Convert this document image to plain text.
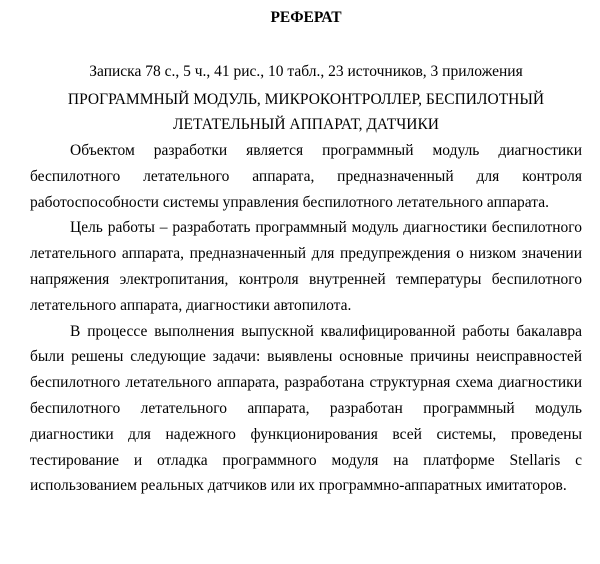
РЕФЕРАТ
Записка 78 с., 5 ч., 41 рис., 10 табл., 23 источников, 3 приложения
ПРОГРАММНЫЙ МОДУЛЬ, МИКРОКОНТРОЛЛЕР, БЕСПИЛОТНЫЙ ЛЕТАТЕЛЬНЫЙ АППАРАТ, ДАТЧИКИ

Объектом разработки является программный модуль диагностики беспилотного летательного аппарата, предназначенный для контроля работоспособности системы управления беспилотного летательного аппарата.

Цель работы – разработать программный модуль диагностики беспилотного летательного аппарата, предназначенный для предупреждения о низком значении напряжения электропитания, контроля внутренней температуры беспилотного летательного аппарата, диагностики автопилота.

В процессе выполнения выпускной квалифицированной работы бакалавра были решены следующие задачи: выявлены основные причины неисправностей беспилотного летательного аппарата, разработана структурная схема диагностики беспилотного летательного аппарата, разработан программный модуль диагностики для надежного функционирования всей системы, проведены тестирование и отладка программного модуля на платформе Stellaris с использованием реальных датчиков или их программно-аппаратных имитаторов.
